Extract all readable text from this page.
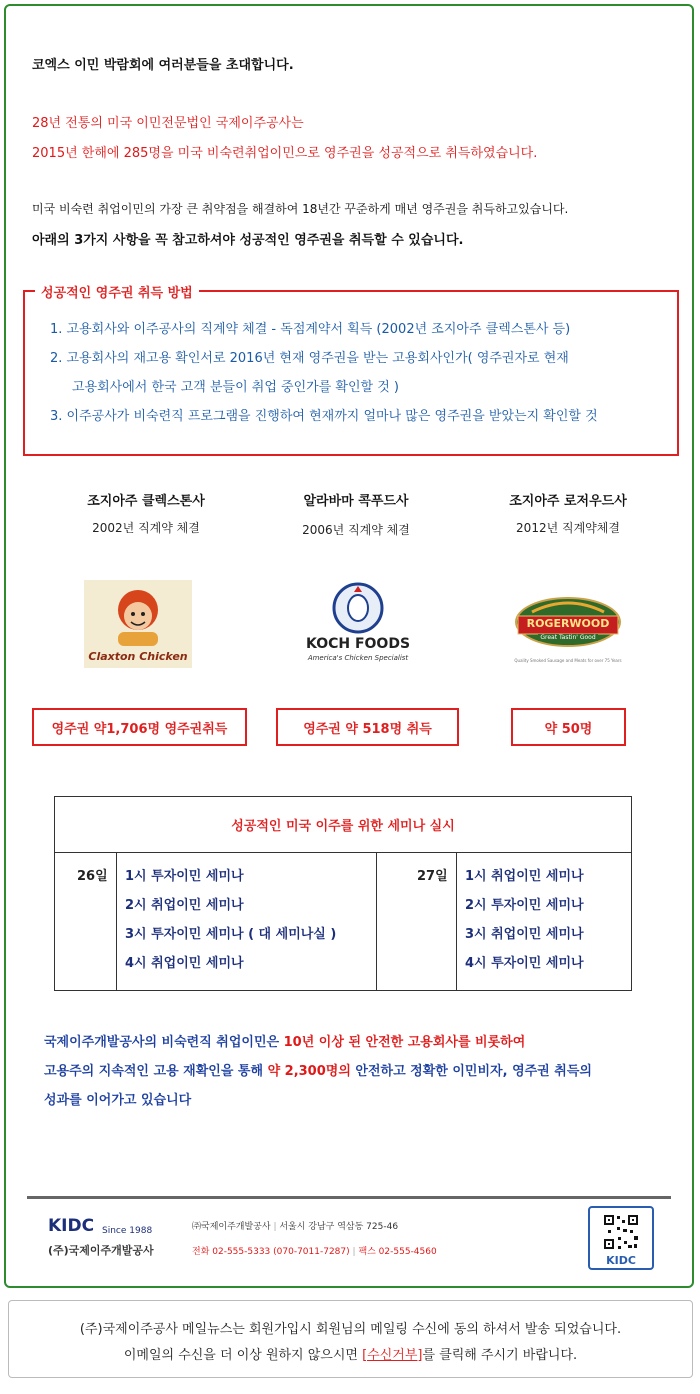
코엑스 이민 박람회에 여러분들을 초대합니다.
28년 전통의 미국 이민전문법인 국제이주공사는
2015년 한해에 285명을 미국 비숙련취업이민으로 영주권을 성공적으로 취득하였습니다.
미국 비숙련 취업이민의 가장 큰 취약점을 해결하여 18년간 꾸준하게 매년 영주권을 취득하고있습니다.
아래의 3가지 사항을 꼭 참고하셔야 성공적인 영주권을 취득할 수 있습니다.
성공적인 영주권 취득 방법
1. 고용회사와 이주공사의 직계약 체결 - 독점계약서 획득 (2002년 조지아주 클렉스톤사 등)
2. 고용회사의 재고용 확인서로 2016년 현재 영주권을 받는 고용회사인가( 영주권자로 현재
고용회사에서 한국 고객 분들이 취업 중인가를 확인할 것 )
3. 이주공사가 비숙련직 프로그램을 진행하여 현재까지 얼마나 많은 영주권을 받았는지 확인할 것
조지아주 클렉스톤사
2002년 직계약 체결
알라바마 콕푸드사
2006년 직계약 체결
조지아주 로저우드사
2012년 직계약체결
Claxton Chicken
KOCH FOODS
America's Chicken Specialist
ROGERWOOD
Great Tastin' Good
Quality Smoked Sausage and Meats for over 75 Years
영주권 약1,706명 영주권취득	영주권 약 518명 취득	약 50명
성공적인 미국 이주를 위한 세미나 실시
26일 1시 투자이민 세미나
2시 취업이민 세미나
3시 투자이민 세미나 ( 대 세미나실 )
4시 취업이민 세미나
27일 1시 취업이민 세미나
2시 투자이민 세미나
3시 취업이민 세미나
4시 투자이민 세미나
국제이주개발공사의 비숙련직 취업이민은 10년 이상 된 안전한 고용회사를 비롯하여
고용주의 지속적인 고용 재확인을 통해 약 2,300명의 안전하고 정확한 이민비자, 영주권 취득의
성과를 이어가고 있습니다
KIDC Since 1988
(주)국제이주개발공사
㈜국제이주개발공사 | 서울시 강남구 역삼동 725-46
전화 02-555-5333 (070-7011-7287) | 팩스 02-555-4560
KIDC
(주)국제이주공사 메일뉴스는 회원가입시 회원님의 메일링 수신에 동의 하셔서 발송 되었습니다.
이메일의 수신을 더 이상 원하지 않으시면 [수신거부]를 클릭해 주시기 바랍니다.
